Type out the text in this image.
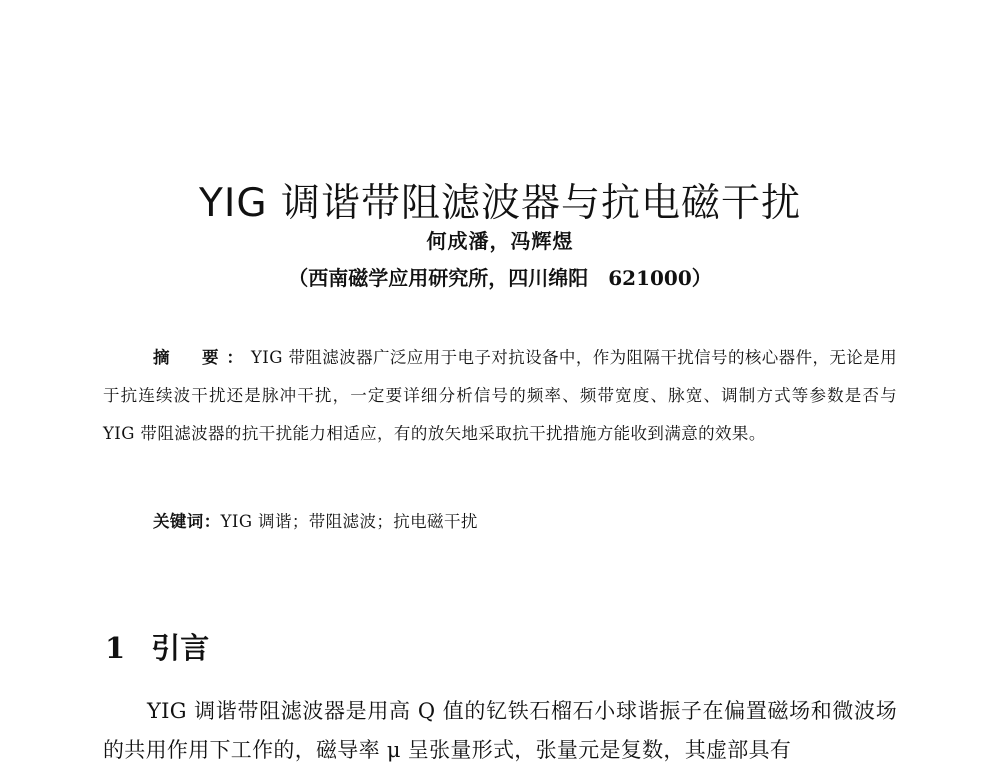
YIG 调谐带阻滤波器与抗电磁干扰
何成潘，冯辉煜
（西南磁学应用研究所，四川绵阳　621000）
摘　要：YIG 带阻滤波器广泛应用于电子对抗设备中，作为阻隔干扰信号的核心器件，无论是用于抗连续波干扰还是脉冲干扰，一定要详细分析信号的频率、频带宽度、脉宽、调制方式等参数是否与 YIG 带阻滤波器的抗干扰能力相适应，有的放矢地采取抗干扰措施方能收到满意的效果。
关键词：YIG 调谐；带阻滤波；抗电磁干扰
1 引言

YIG 调谐带阻滤波器是用高 Q 值的钇铁石榴石小球谐振子在偏置磁场和微波场的共用作用下工作的，磁导率 μ 呈张量形式，张量元是复数，其虚部具有
